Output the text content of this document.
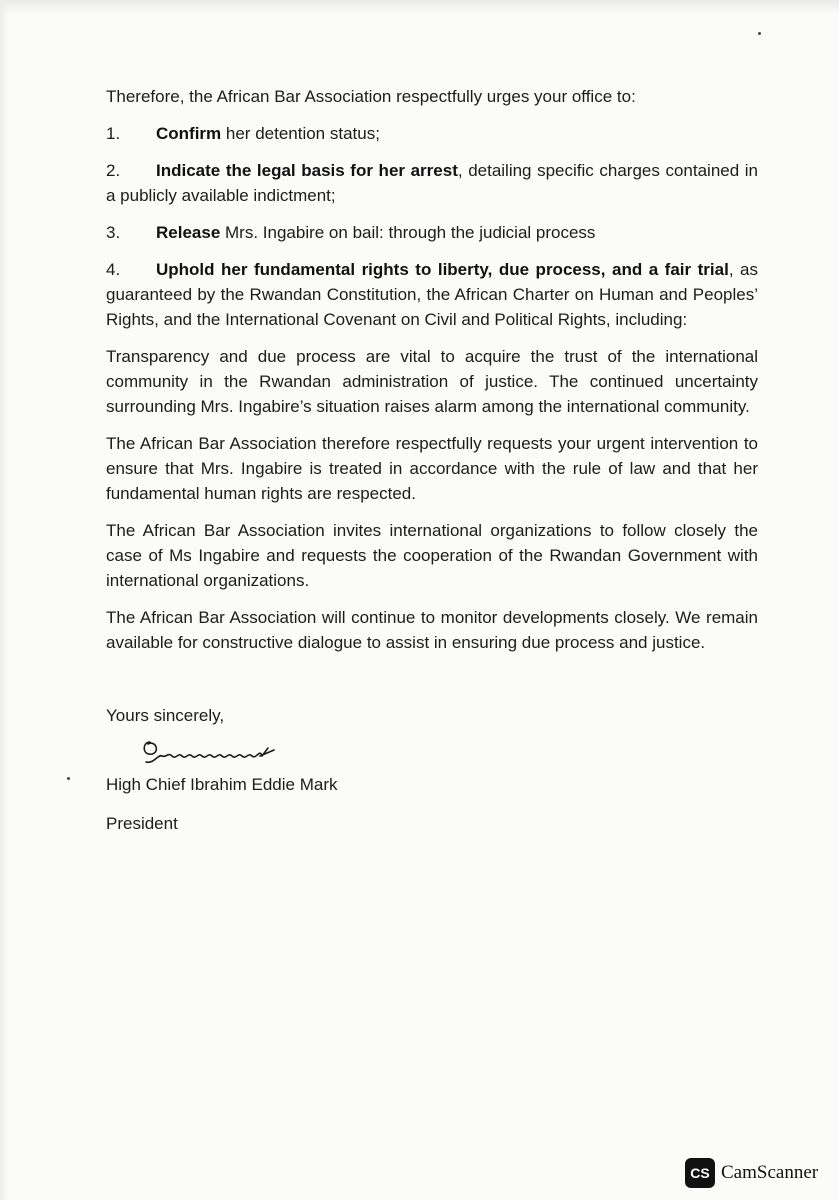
Therefore, the African Bar Association respectfully urges your office to:

1. Confirm her detention status;

2. Indicate the legal basis for her arrest, detailing specific charges contained in a publicly available indictment;

3. Release Mrs. Ingabire on bail: through the judicial process

4. Uphold her fundamental rights to liberty, due process, and a fair trial, as guaranteed by the Rwandan Constitution, the African Charter on Human and Peoples’ Rights, and the International Covenant on Civil and Political Rights, including:

Transparency and due process are vital to acquire the trust of the international community in the Rwandan administration of justice. The continued uncertainty surrounding Mrs. Ingabire’s situation raises alarm among the international community.

The African Bar Association therefore respectfully requests your urgent intervention to ensure that Mrs. Ingabire is treated in accordance with the rule of law and that her fundamental human rights are respected.

The African Bar Association invites international organizations to follow closely the case of Ms Ingabire and requests the cooperation of the Rwandan Government with international organizations.

The African Bar Association will continue to monitor developments closely. We remain available for constructive dialogue to assist in ensuring due process and justice.

Yours sincerely,

High Chief Ibrahim Eddie Mark

President

CS CamScanner
